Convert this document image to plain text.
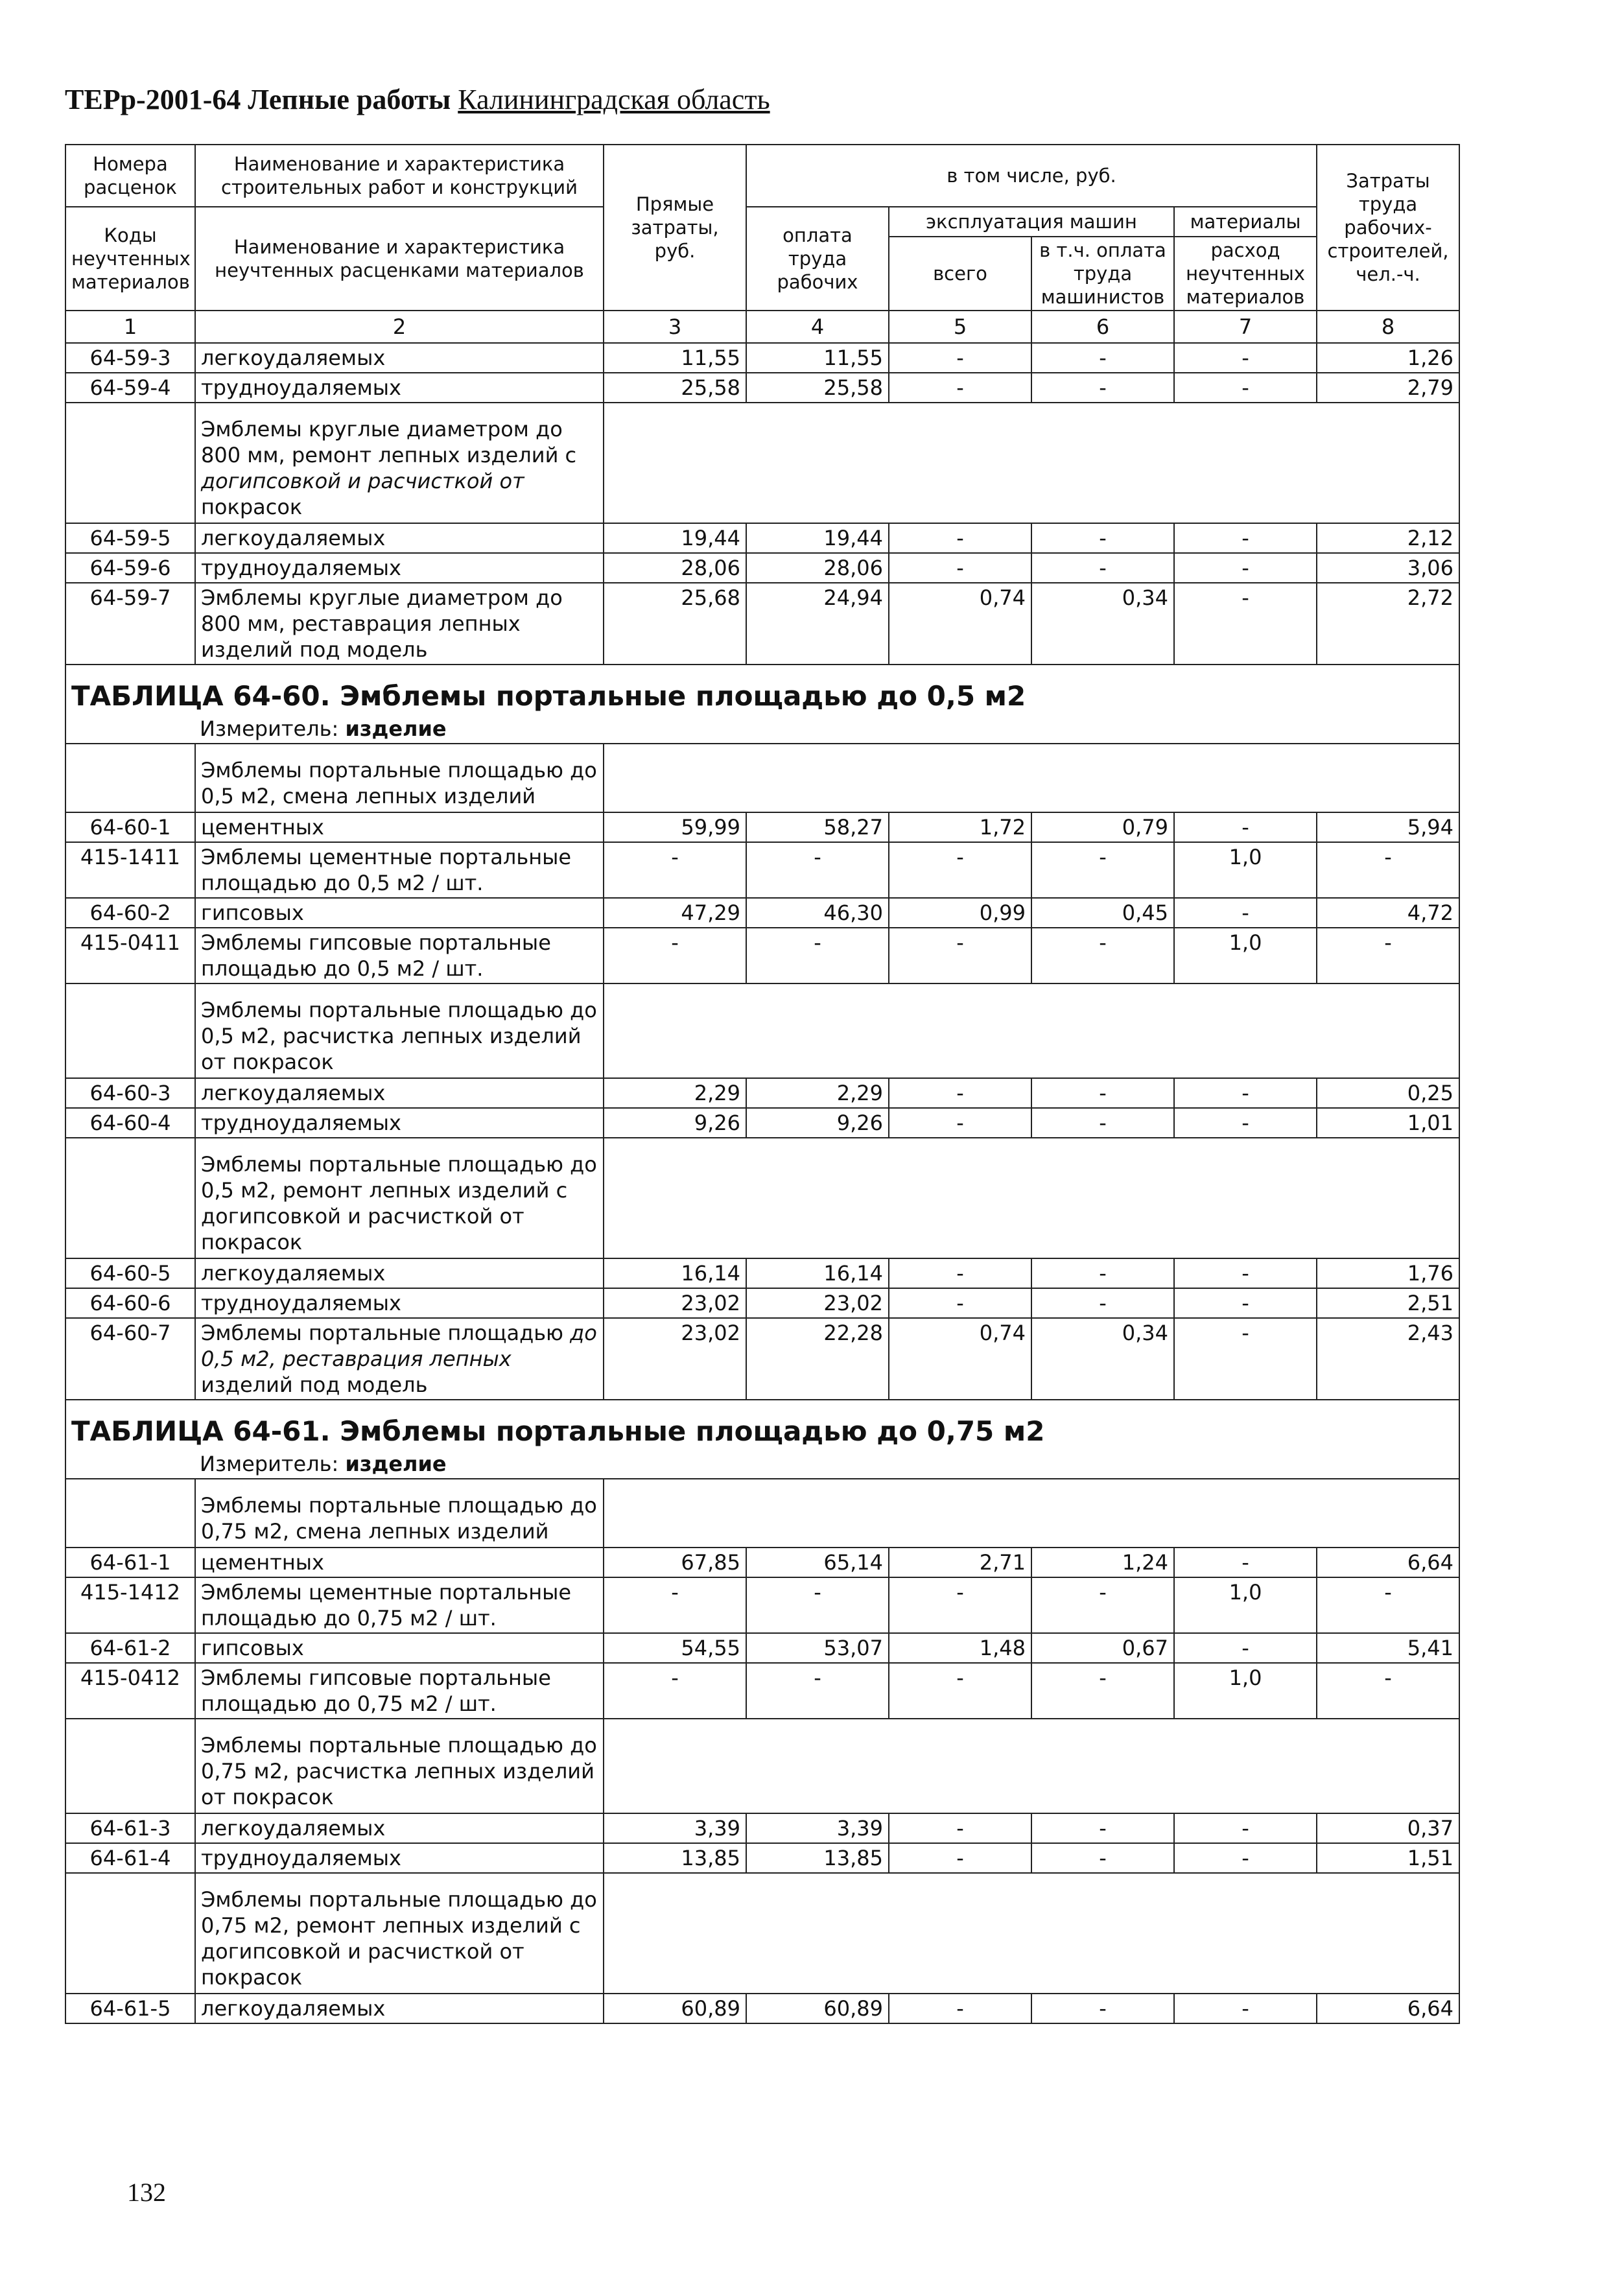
ТЕРр-2001-64 Лепные работы Калининградская область
Номера расценок	Наименование и характеристика строительных работ и конструкций	Прямые затраты, руб.	в том числе, руб.				Затраты труда рабочих-строителей, чел.-ч.
Коды неучтенных материалов	Наименование и характеристика неучтенных расценками материалов		оплата труда рабочих	эксплуатация машин		материалы	
				всего	в т.ч. оплата труда машинистов	расход неучтенных материалов	
1	2	3	4	5	6	7	8
64-59-3	легкоудаляемых	11,55	11,55	-	-	-	1,26
64-59-4	трудноудаляемых	25,58	25,58	-	-	-	2,79
	Эмблемы круглые диаметром до 800 мм, ремонт лепных изделий с догипсовкой и расчисткой от покрасок						
64-59-5	легкоудаляемых	19,44	19,44	-	-	-	2,12
64-59-6	трудноудаляемых	28,06	28,06	-	-	-	3,06
64-59-7	Эмблемы круглые диаметром до 800 мм, реставрация лепных изделий под модель	25,68	24,94	0,74	0,34	-	2,72
ТАБЛИЦА 64-60. Эмблемы портальные площадью до 0,5 м2							
Измеритель: изделие							
	Эмблемы портальные площадью до 0,5 м2, смена лепных изделий						
64-60-1	цементных	59,99	58,27	1,72	0,79	-	5,94
415-1411	Эмблемы цементные портальные площадью до 0,5 м2 / шт.	-	-	-	-	1,0	-
64-60-2	гипсовых	47,29	46,30	0,99	0,45	-	4,72
415-0411	Эмблемы гипсовые портальные площадью до 0,5 м2 / шт.	-	-	-	-	1,0	-
	Эмблемы портальные площадью до 0,5 м2, расчистка лепных изделий от покрасок						
64-60-3	легкоудаляемых	2,29	2,29	-	-	-	0,25
64-60-4	трудноудаляемых	9,26	9,26	-	-	-	1,01
	Эмблемы портальные площадью до 0,5 м2, ремонт лепных изделий с догипсовкой и расчисткой от покрасок						
64-60-5	легкоудаляемых	16,14	16,14	-	-	-	1,76
64-60-6	трудноудаляемых	23,02	23,02	-	-	-	2,51
64-60-7	Эмблемы портальные площадью до 0,5 м2, реставрация лепных изделий под модель	23,02	22,28	0,74	0,34	-	2,43
ТАБЛИЦА 64-61. Эмблемы портальные площадью до 0,75 м2							
Измеритель: изделие							
	Эмблемы портальные площадью до 0,75 м2, смена лепных изделий						
64-61-1	цементных	67,85	65,14	2,71	1,24	-	6,64
415-1412	Эмблемы цементные портальные площадью до 0,75 м2 / шт.	-	-	-	-	1,0	-
64-61-2	гипсовых	54,55	53,07	1,48	0,67	-	5,41
415-0412	Эмблемы гипсовые портальные площадью до 0,75 м2 / шт.	-	-	-	-	1,0	-
	Эмблемы портальные площадью до 0,75 м2, расчистка лепных изделий от покрасок						
64-61-3	легкоудаляемых	3,39	3,39	-	-	-	0,37
64-61-4	трудноудаляемых	13,85	13,85	-	-	-	1,51
	Эмблемы портальные площадью до 0,75 м2, ремонт лепных изделий с догипсовкой и расчисткой от покрасок						
64-61-5	легкоудаляемых	60,89	60,89	-	-	-	6,64
132
